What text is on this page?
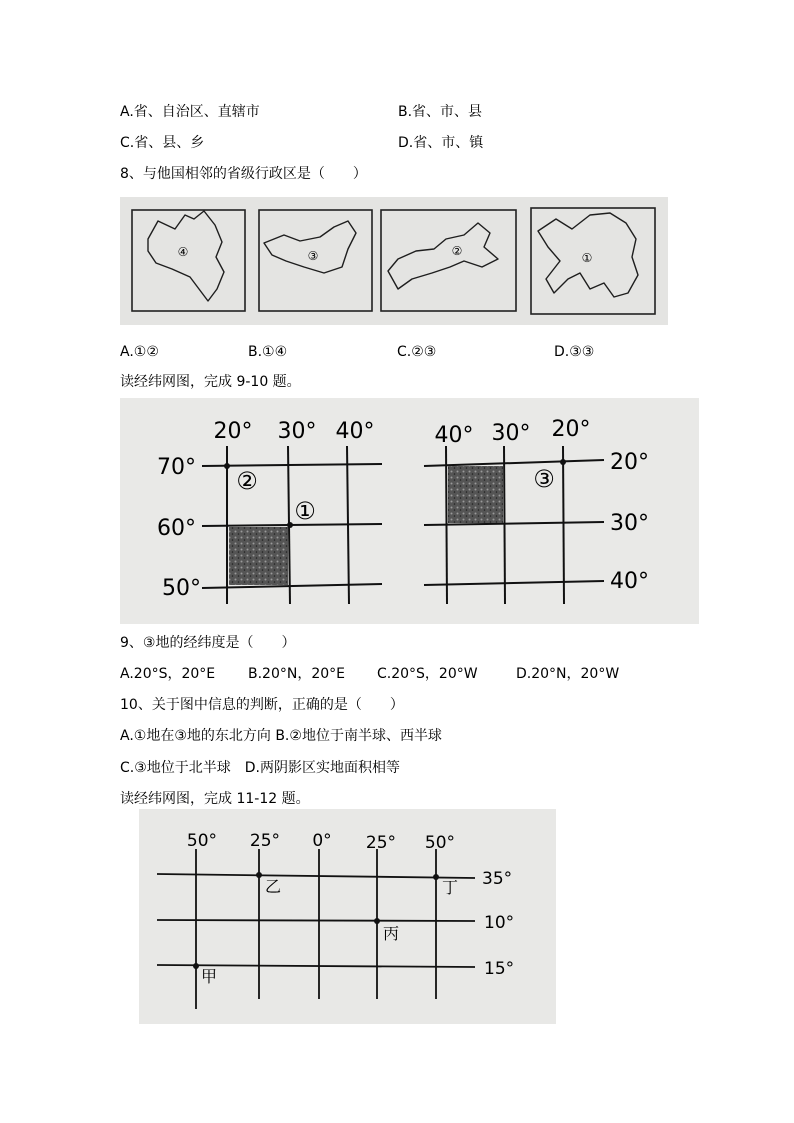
A.省、自治区、直辖市	B.省、市、县
C.省、县、乡	D.省、市、镇
8、与他国相邻的省级行政区是（　　）
④	③	②	①
A.①②	B.①④	C.②③	D.③③
读经纬网图，完成 9-10 题。
20° 30° 40°
70°
60°
50°
②
①
40° 30° 20°
20°
30°
40°
③
9、③地的经纬度是（　　）
A.20°S，20°E B.20°N，20°E C.20°S，20°W	D.20°N，20°W
10、关于图中信息的判断，正确的是（　　）
A.①地在③地的东北方向 B.②地位于南半球、西半球
C.③地位于北半球　D.两阴影区实地面积相等
读经纬网图，完成 11-12 题。
50° 25° 0° 25° 50°
35°
10°
15°
乙	丁
丙
甲
